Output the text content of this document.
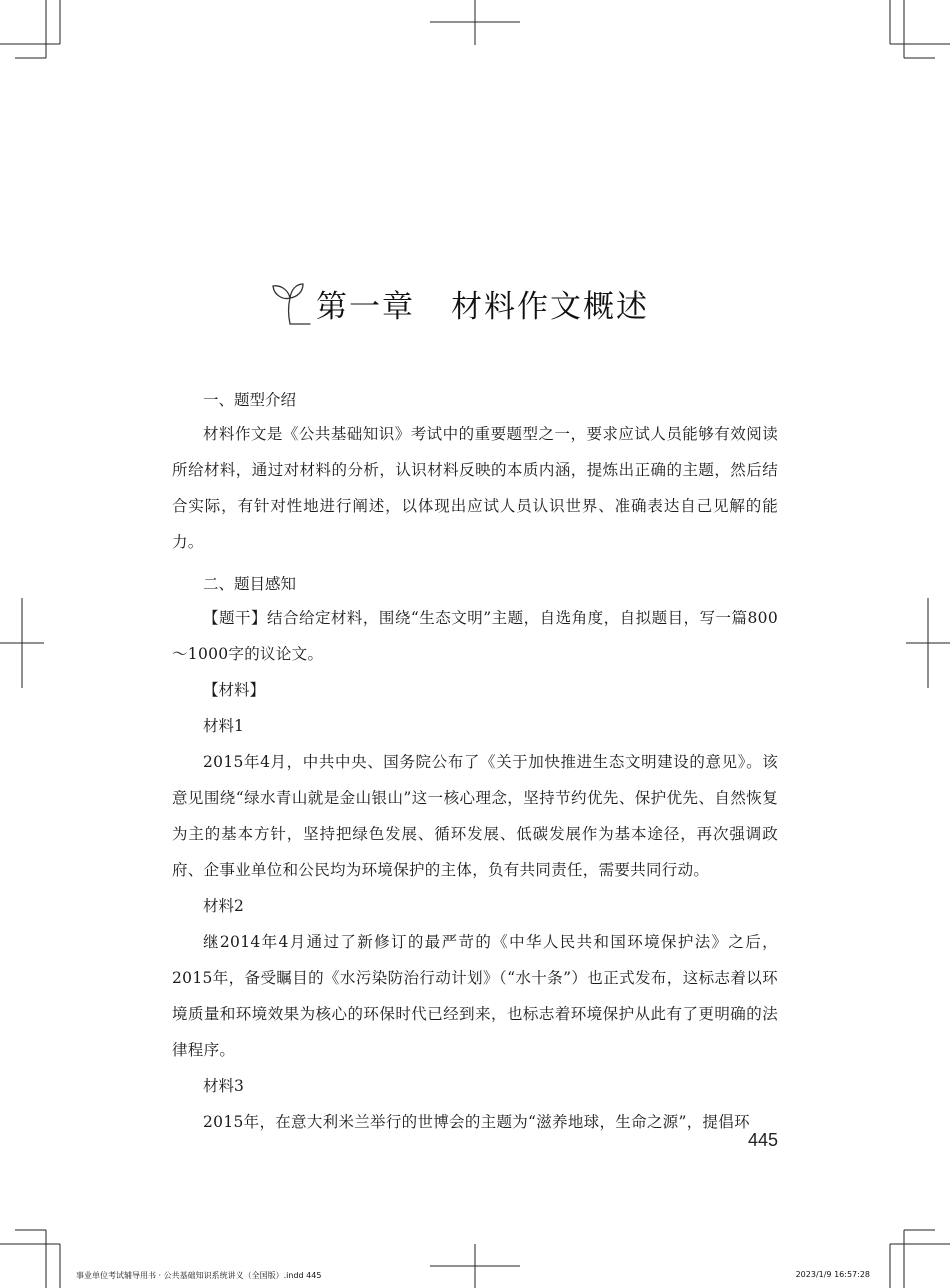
第一章 材料作文概述
一、题型介绍
材料作文是《公共基础知识》考试中的重要题型之一，要求应试人员能够有效阅读所给材料，通过对材料的分析，认识材料反映的本质内涵，提炼出正确的主题，然后结合实际，有针对性地进行阐述，以体现出应试人员认识世界、准确表达自己见解的能力。
二、题目感知
【题干】结合给定材料，围绕“生态文明”主题，自选角度，自拟题目，写一篇800～1000字的议论文。
【材料】
材料1
2015年4月，中共中央、国务院公布了《关于加快推进生态文明建设的意见》。该意见围绕“绿水青山就是金山银山”这一核心理念，坚持节约优先、保护优先、自然恢复为主的基本方针，坚持把绿色发展、循环发展、低碳发展作为基本途径，再次强调政府、企事业单位和公民均为环境保护的主体，负有共同责任，需要共同行动。
材料2
继2014年4月通过了新修订的最严苛的《中华人民共和国环境保护法》之后，2015年，备受瞩目的《水污染防治行动计划》（“水十条”）也正式发布，这标志着以环境质量和环境效果为核心的环保时代已经到来，也标志着环境保护从此有了更明确的法律程序。
材料3
2015年，在意大利米兰举行的世博会的主题为“滋养地球，生命之源”，提倡环
445
事业单位考试辅导用书 · 公共基础知识系统讲义（全国版）.indd 445	2023/1/9 16:57:28
